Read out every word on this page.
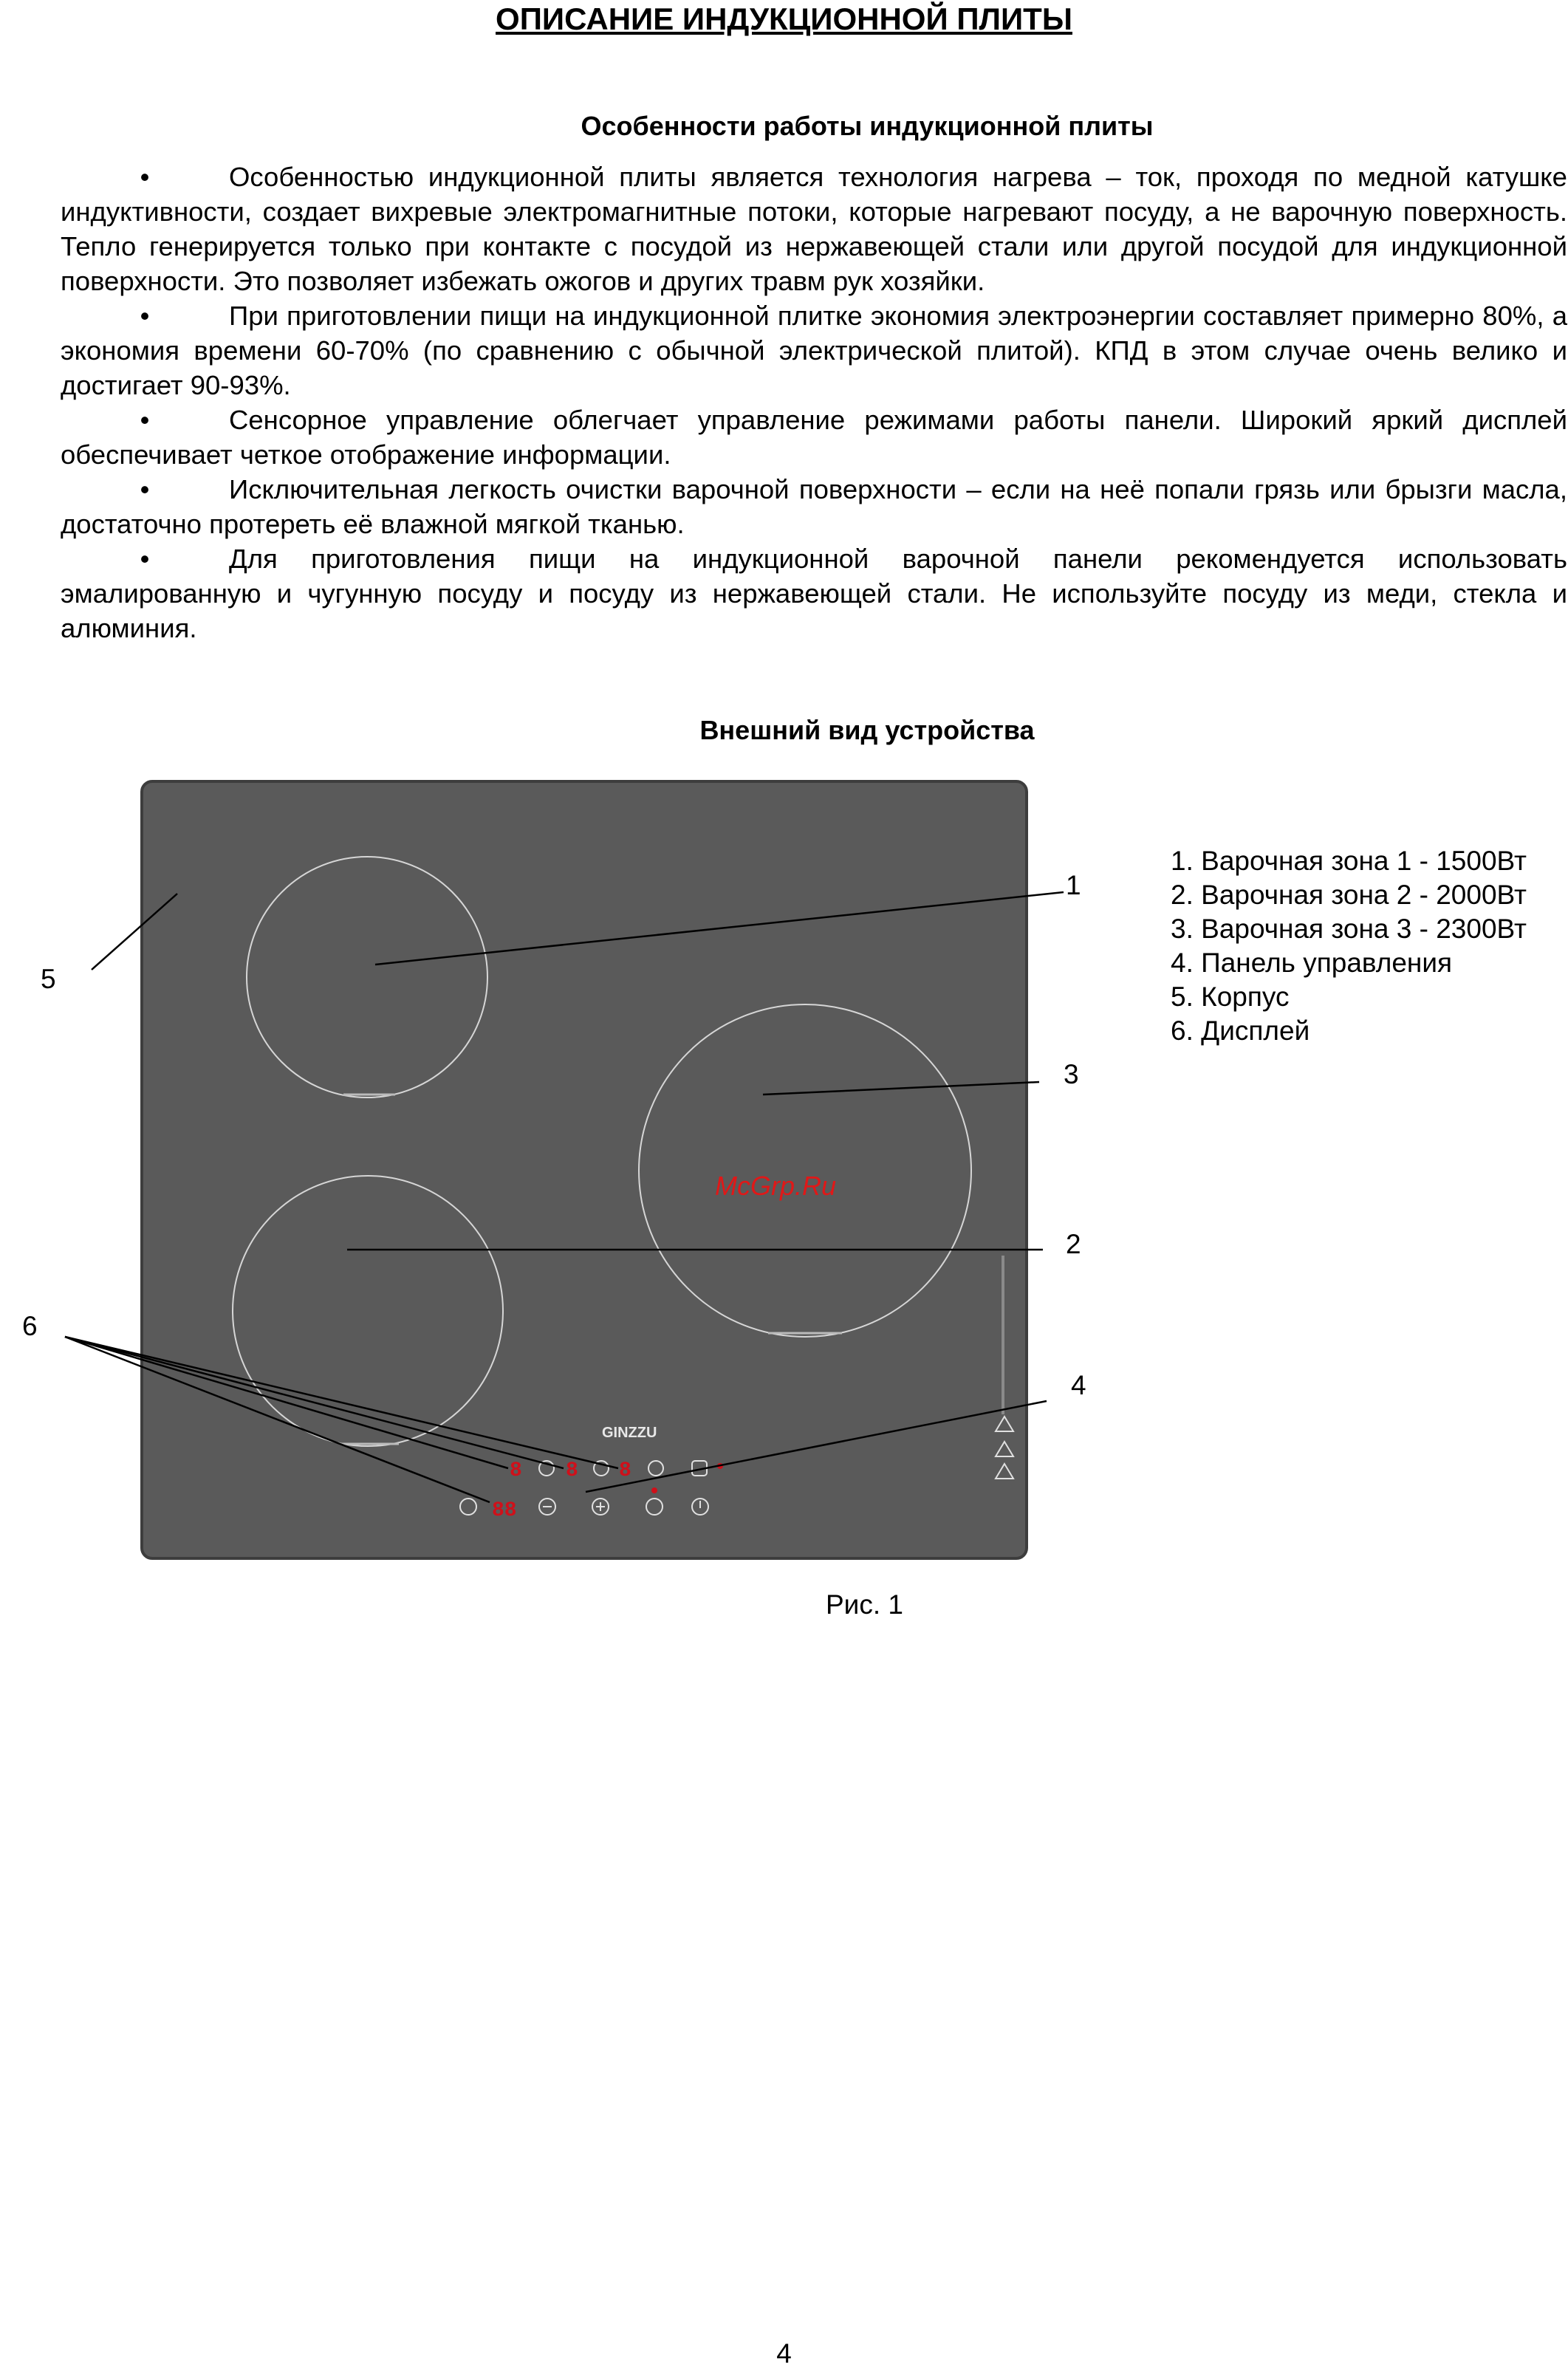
ОПИСАНИЕ ИНДУКЦИОННОЙ ПЛИТЫ
Особенности работы индукционной плиты

•	Особенностью индукционной плиты является технология нагрева – ток, проходя по медной катушке индуктивности, создает вихревые электромагнитные потоки, которые нагревают посуду, а не варочную поверхность. Тепло генерируется только при контакте с посудой из нержавеющей стали или другой посудой для индукционной поверхности. Это позволяет избежать ожогов и других травм рук хозяйки.

•	При приготовлении пищи на индукционной плитке экономия электроэнергии составляет примерно 80%, а экономия времени 60-70% (по сравнению с обычной электрической плитой). КПД в этом случае очень велико и достигает 90-93%.

•	Сенсорное управление облегчает управление режимами работы панели. Широкий яркий дисплей обеспечивает четкое отображение информации.

•	Исключительная легкость очистки варочной поверхности – если на неё попали грязь или брызги масла, достаточно протереть её влажной мягкой тканью.

•	Для приготовления пищи на индукционной варочной панели рекомендуется использовать эмалированную и чугунную посуду и посуду из нержавеющей стали. Не используйте посуду из меди, стекла и алюминия.

Внешний вид устройства
GINZZU
8 8 8
88
McGrp.Ru
1
3
2
4
5
6
1. Варочная зона 1 - 1500Вт
2. Варочная зона 2 - 2000Вт
3. Варочная зона 3 - 2300Вт
4. Панель управления
5. Корпус
6. Дисплей
Рис. 1
4
